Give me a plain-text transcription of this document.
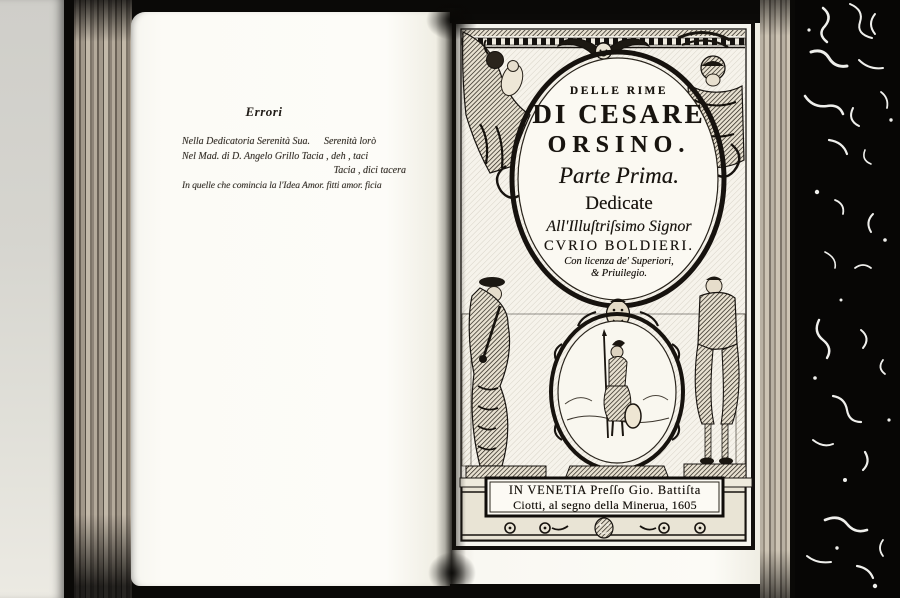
DELLE RIME
DI CESARE
ORSINO.
Parte Prima.
Dedicate
All'Illuſtriſsimo Signor
CVRIO BOLDIERI.
Con licenza de' Superiori,
& Priuilegio.
IN VENETIA Preſſo Gio. Battiſta
Ciotti, al segno della Minerua, 1605
Errori
Nella Dedicatoria Serenità Sua. Serenità lorò
Nel Mad. di D. Angelo Grillo Tacia , deh , taci
Tacia , dici tacera
In quelle che comincia la l'Idea Amor. fitti amor. ficia
